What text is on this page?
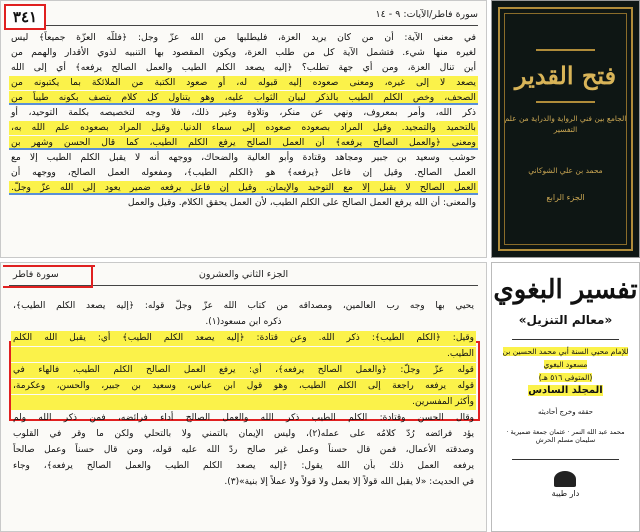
سورة فاطر/الآيات: ٩ - ١٤
٣٤١
في معنى الآية: أن من كان يريد العزة، فليطلبها من الله عزّ وجل: ﴿فللّه العزّة جميعاً﴾ ليس
لغيره منها شيء. فتشمل الآية كل من طلب العزة، ويكون المقصود بها التنبيه لذوي الأقدار والهمم من
أين تنال العزة، ومن أي جهة تطلب؟ ﴿إليه يصعد الكلم الطيب والعمل الصالح يرفعه﴾ أي إلى الله
يصعد لا إلى غيره، ومعنى صعوده إليه قبوله له، أو صعود الكتبة من الملائكة بما يكتبونه من
الصحف، وخص الكلم الطيب بالذكر لبيان الثواب عليه، وهو يتناول كل كلام يتصف بكونه طيباً من
ذكر الله، وأمر بمعروف، ونهي عن منكر، وتلاوة وغير ذلك، فلا وجه لتخصيصه بكلمة التوحيد، أو
بالتحميد والتمجيد. وقيل المراد بصعوده صعوده إلى سماء الدنيا. وقيل المراد بصعوده علم الله به،
ومعنى ﴿والعمل الصالح يرفعه﴾ أن العمل الصالح يرفع الكلم الطيب، كما قال الحسن وشهر بن
حوشب وسعيد بن جبير ومجاهد وقتادة وأبو العالية والضحاك، ووجهه أنه لا يقبل الكلم الطيب إلا مع
العمل الصالح. وقيل إن فاعل ﴿يرفعه﴾ هو ﴿الكلم الطيب﴾، ومفعوله العمل الصالح، ووجهه أن
العمل الصالح لا يقبل إلا مع التوحيد والإيمان. وقيل إن فاعل يرفعه ضمير يعود إلى الله عزّ وجلّ.
والمعنى: أن الله يرفع العمل الصالح على الكلم الطيب، لأن العمل يحقق الكلام. وقيل والعمل
فتح القدير
الجامع بين فني الرواية والدراية من علم التفسير
محمد بن علي الشوكاني
الجزء الرابع
سورة فاطر	الجزء الثاني والعشرون
يحيي بها وجه رب العالمين، ومصداقه من كتاب الله عزّ وجلّ قوله: ﴿إليه يصعد الكلم الطيب﴾،
ذكره ابن مسعود(١).
وقيل: ﴿الكلم الطيب﴾: ذكر الله. وعن قتادة: ﴿إليه يصعد الكلم الطيب﴾ أي: يقبل الله الكلم
الطيب.
قوله عزّ وجلّ: ﴿والعمل الصالح يرفعه﴾، أي: يرفع العمل الصالح الكلم الطيب، فالهاء في
قوله يرفعه راجعة إلى الكلم الطيب، وهو قول ابن عباس، وسعيد بن جبير، والحسن، وعكرمة،
وأكثر المفسرين.
وقال الحسن وقتادة: الكلم الطيب ذكر الله والعمل الصالح أداء فرائضه، فمن ذكر الله ولم
يؤد فرائضه رُدّ كلامُه على عمله(٢)، وليس الإيمان بالتمني ولا بالتحلي ولكن ما وقر في القلوب
وصدقته الأعمال، فمن قال حسناً وعمل غير صالح ردّ الله عليه قوله، ومن قال حسناً وعمل صالحاً
يرفعه العمل ذلك بأن الله يقول: ﴿إليه يصعد الكلم الطيب والعمل الصالح يرفعه﴾، وجاء
في الحديث: «لا يقبل الله قولاً إلا بعمل ولا قولاً ولا عملاً إلا بنية»(٣).
تفسير البغوي
«معالم التنزيل»
للإمام محيي السنة أبي محمد الحسين بن مسعود البغوي
(المتوفى ٥١٦ هـ)
المجلد السادس
حققه وخرج أحاديثه
محمد عبد الله النمر · عثمان جمعة ضميرية · سليمان مسلم الحرش
دار طيبة
